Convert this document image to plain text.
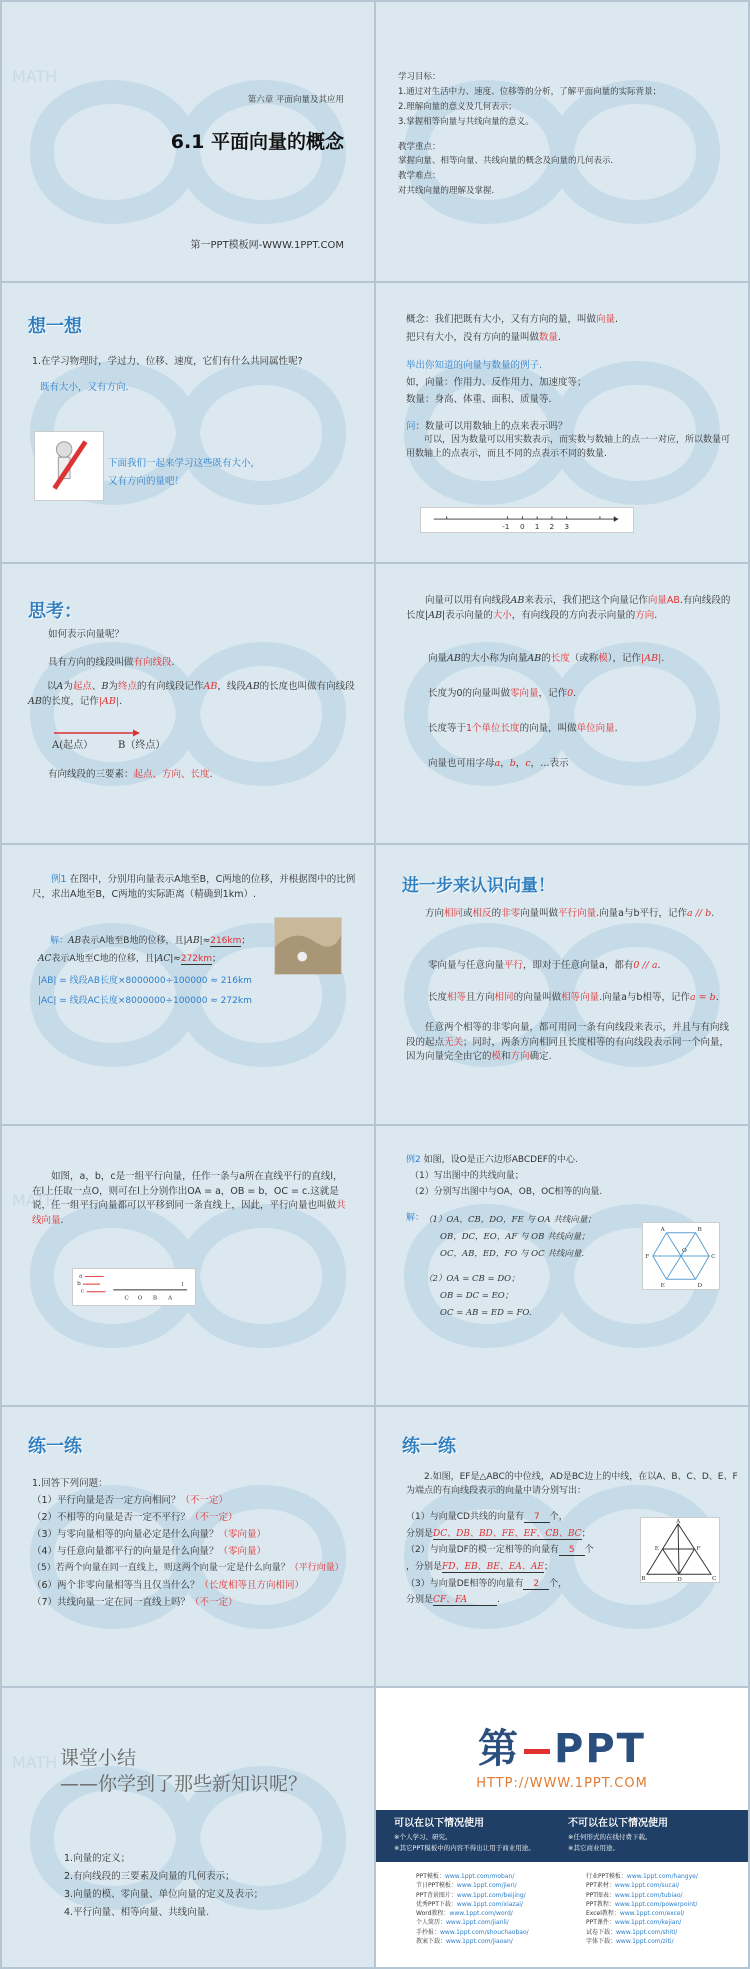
MATH
第六章 平面向量及其应用
6.1 平面向量的概念
第一PPT模板网-WWW.1PPT.COM
学习目标：
1.通过对生活中力、速度、位移等的分析，了解平面向量的实际背景；
2.理解向量的意义及几何表示；
3.掌握相等向量与共线向量的意义。
教学重点：
掌握向量、相等向量、共线向量的概念及向量的几何表示.
教学难点：
对共线向量的理解及掌握.
想一想
1.在学习物理时，学过力、位移、速度，它们有什么共同属性呢?
既有大小，又有方向.
下面我们一起来学习这些既有大小，
又有方向的量吧！
概念：我们把既有大小，又有方向的量，叫做向量.
把只有大小，没有方向的量叫做数量.
举出你知道的向量与数量的例子.
如，向量：作用力、反作用力、加速度等；
数量：身高、体重、面积、质量等.
问：数量可以用数轴上的点来表示吗？
可以，因为数量可以用实数表示，而实数与数轴上的点一一对应，所以数量可用数轴上的点表示，而且不同的点表示不同的数量.
-1 0 1 2 3
思考：
如何表示向量呢？
具有方向的线段叫做有向线段.
以A为起点、B为终点的有向线段记作AB，线段AB的长度也叫做有向线段AB的长度，记作|AB|.
A(起点） B（终点）
有向线段的三要素：起点、方向、长度.
向量可以用有向线段AB来表示，我们把这个向量记作向量AB.有向线段的长度|AB|表示向量的大小，有向线段的方向表示向量的方向.
向量AB的大小称为向量AB的长度（或称模），记作|AB|.
长度为0的向量叫做零向量，记作0.
长度等于1个单位长度的向量，叫做单位向量.
向量也可用字母a，b，c，…表示
例1 在图中，分别用向量表示A地至B，C两地的位移，并根据图中的比例尺，求出A地至B，C两地的实际距离（精确到1km）.
解：AB表示A地至B地的位移，且|AB|≈216km；
AC表示A地至C地的位移，且|AC|≈272km；
|AB| = 线段AB长度×8000000÷100000 ≈ 216km
|AC| = 线段AC长度×8000000÷100000 ≈ 272km
进一步来认识向量！
方向相同或相反的非零向量叫做平行向量.向量a与b平行，记作a // b.
零向量与任意向量平行，即对于任意向量a，都有0 // a.
长度相等且方向相同的向量叫做相等向量.向量a与b相等，记作a = b.
任意两个相等的非零向量，都可用同一条有向线段来表示，并且与有向线段的起点无关；同时，两条方向相同且长度相等的有向线段表示同一个向量，因为向量完全由它的模和方向确定.
MATH
如图，a，b，c是一组平行向量，任作一条与a所在直线平行的直线l，在l上任取一点O，则可在l上分别作出OA = a，OB = b，OC = c.这就是说，任一组平行向量都可以平移到同一条直线上，因此，平行向量也叫做共线向量.
a
b
c
l
C O B A
例2 如图，设O是正六边形ABCDEF的中心.
（1）写出图中的共线向量；
（2）分别写出图中与OA，OB，OC相等的向量.
解： （1）OA，CB，DO，FE 与 OA 共线向量；
OB，DC，EO，AF 与 OB 共线向量；
OC，AB，ED，FO 与 OC 共线向量.
（2）OA = CB = DO；
OB = DC = EO；
OC = AB = ED = FO.
A	B
C
D
E
F
O
练一练
1.回答下列问题：
（1）平行向量是否一定方向相同？（不一定）
（2）不相等的向量是否一定不平行？（不一定）
（3）与零向量相等的向量必定是什么向量？（零向量）
（4）与任意向量都平行的向量是什么向量？（零向量）
（5）若两个向量在同一直线上，则这两个向量一定是什么向量？（平行向量）
（6）两个非零向量相等当且仅当什么？（长度相等且方向相同）
（7）共线向量一定在同一直线上吗？（不一定）
练一练
2.如图，EF是△ABC的中位线，AD是BC边上的中线，在以A、B、C、D、E、F为端点的有向线段表示的向量中请分别写出：
（1）与向量CD共线的向量有 7 个，
分别是DC、DB、BD、FE、EF、CB、BC；
（2）与向量DF的模一定相等的向量有 5 个
，分别是FD、EB、BE、EA、AE；
（3）与向量DE相等的向量有 2 个，
分别是CF、FA	.
A
B	C
D
E	F
MATH 课堂小结
——你学到了那些新知识呢？
1.向量的定义；
2.有向线段的三要素及向量的几何表示；
3.向量的模、零向量、单位向量的定义及表示；
4.平行向量、相等向量、共线向量.
第 PPT
HTTP://WWW.1PPT.COM
可以在以下情况使用
※个人学习、研究。
※其它PPT模板中的内容不得出让用于商业用途。
不可以在以下情况使用
※任何形式的在线付费下载。
※其它商业用途。
PPT模板：www.1ppt.com/moban/
节日PPT模板：www.1ppt.com/jieri/
PPT背景图片：www.1ppt.com/beijing/
优秀PPT下载：www.1ppt.com/xiazai/
Word教程：www.1ppt.com/word/
个人简历：www.1ppt.com/jianli/
手抄报：www.1ppt.com/shouchaobao/
教案下载：www.1ppt.com/jiaoan/
行业PPT模板：www.1ppt.com/hangye/
PPT素材：www.1ppt.com/sucai/
PPT图表：www.1ppt.com/tubiao/
PPT教程：www.1ppt.com/powerpoint/
Excel教程：www.1ppt.com/excel/
PPT课件：www.1ppt.com/kejian/
试卷下载：www.1ppt.com/shiti/
字体下载：www.1ppt.com/ziti/
